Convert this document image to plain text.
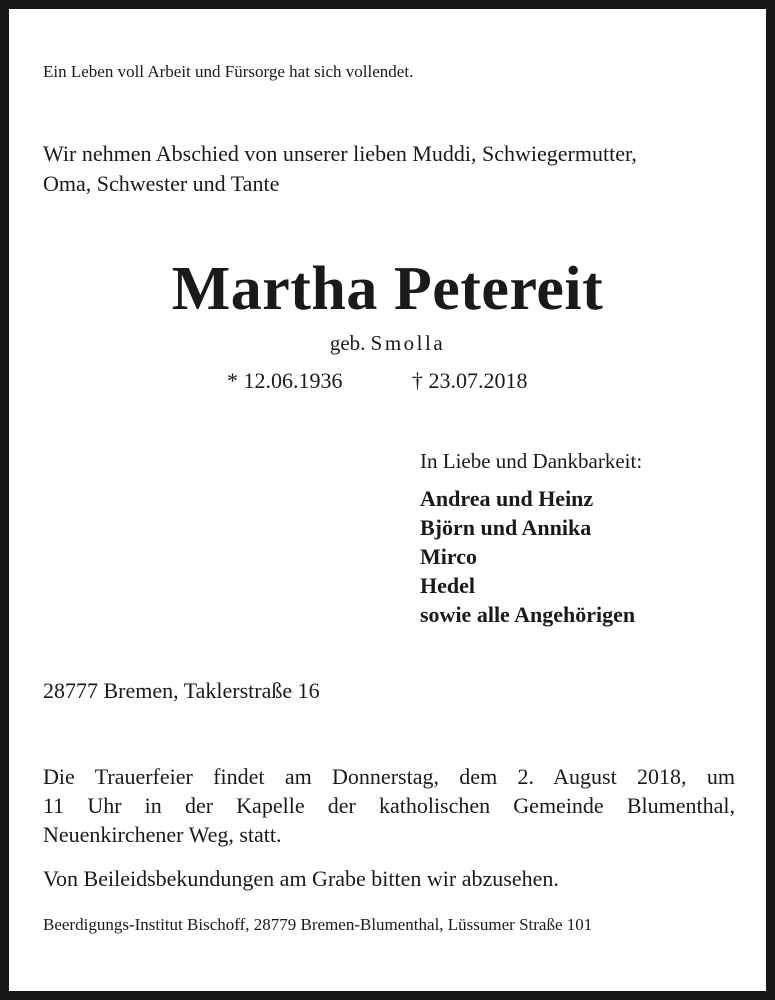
Ein Leben voll Arbeit und Fürsorge hat sich vollendet.
Wir nehmen Abschied von unserer lieben Muddi, Schwiegermutter,
Oma, Schwester und Tante
Martha Petereit
geb. Smolla
* 12.06.1936	† 23.07.2018
In Liebe und Dankbarkeit:
Andrea und Heinz
Björn und Annika
Mirco
Hedel
sowie alle Angehörigen
28777 Bremen, Taklerstraße 16
Die Trauerfeier findet am Donnerstag, dem 2. August 2018, um
11 Uhr in der Kapelle der katholischen Gemeinde Blumenthal,
Neuenkirchener Weg, statt.
Von Beileidsbekundungen am Grabe bitten wir abzusehen.
Beerdigungs-Institut Bischoff, 28779 Bremen-Blumenthal, Lüssumer Straße 101
